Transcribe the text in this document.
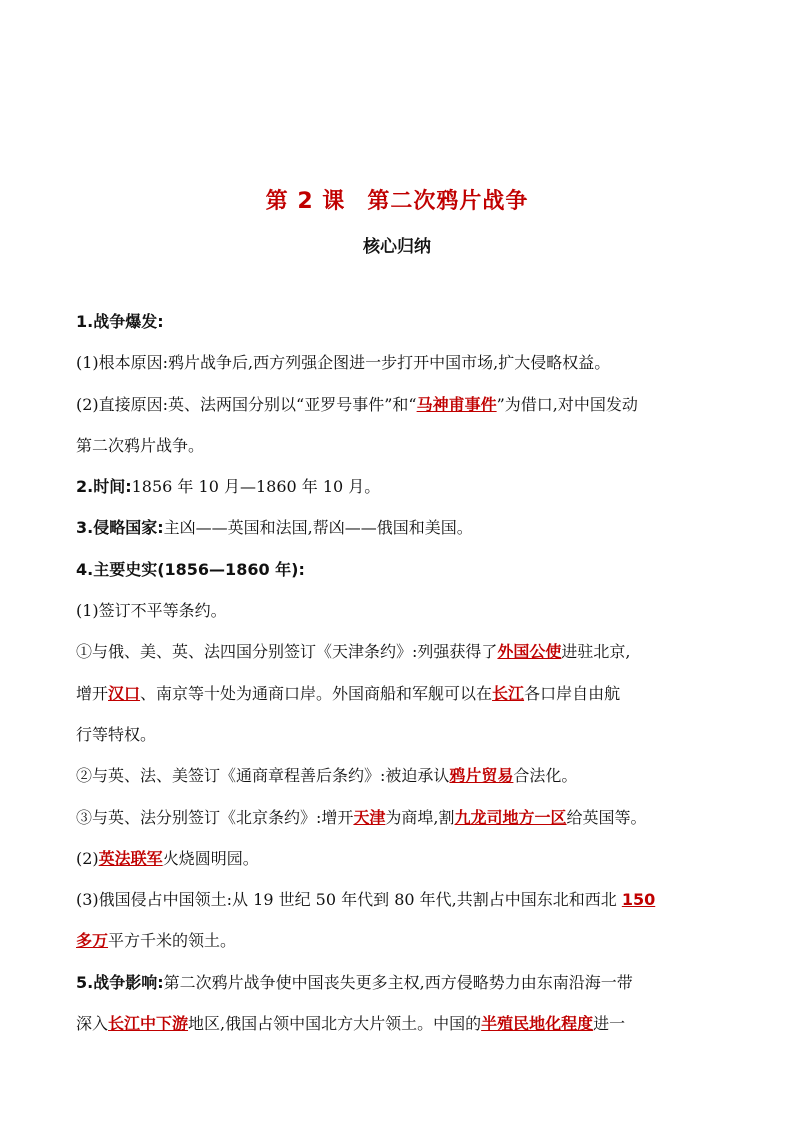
第 2 课 第二次鸦片战争
核心归纳
1.战争爆发:
(1)根本原因:鸦片战争后,西方列强企图进一步打开中国市场,扩大侵略权益。
(2)直接原因:英、法两国分别以“亚罗号事件”和“马神甫事件”为借口,对中国发动
第二次鸦片战争。
2.时间:1856 年 10 月—1860 年 10 月。
3.侵略国家:主凶——英国和法国,帮凶——俄国和美国。
4.主要史实(1856—1860 年):
(1)签订不平等条约。
①与俄、美、英、法四国分别签订《天津条约》:列强获得了外国公使进驻北京,
增开汉口、南京等十处为通商口岸。外国商船和军舰可以在长江各口岸自由航
行等特权。
②与英、法、美签订《通商章程善后条约》:被迫承认鸦片贸易合法化。
③与英、法分别签订《北京条约》:增开天津为商埠,割九龙司地方一区给英国等。
(2)英法联军火烧圆明园。
(3)俄国侵占中国领土:从 19 世纪 50 年代到 80 年代,共割占中国东北和西北 150
多万平方千米的领土。
5.战争影响:第二次鸦片战争使中国丧失更多主权,西方侵略势力由东南沿海一带
深入长江中下游地区,俄国占领中国北方大片领土。中国的半殖民地化程度进一
